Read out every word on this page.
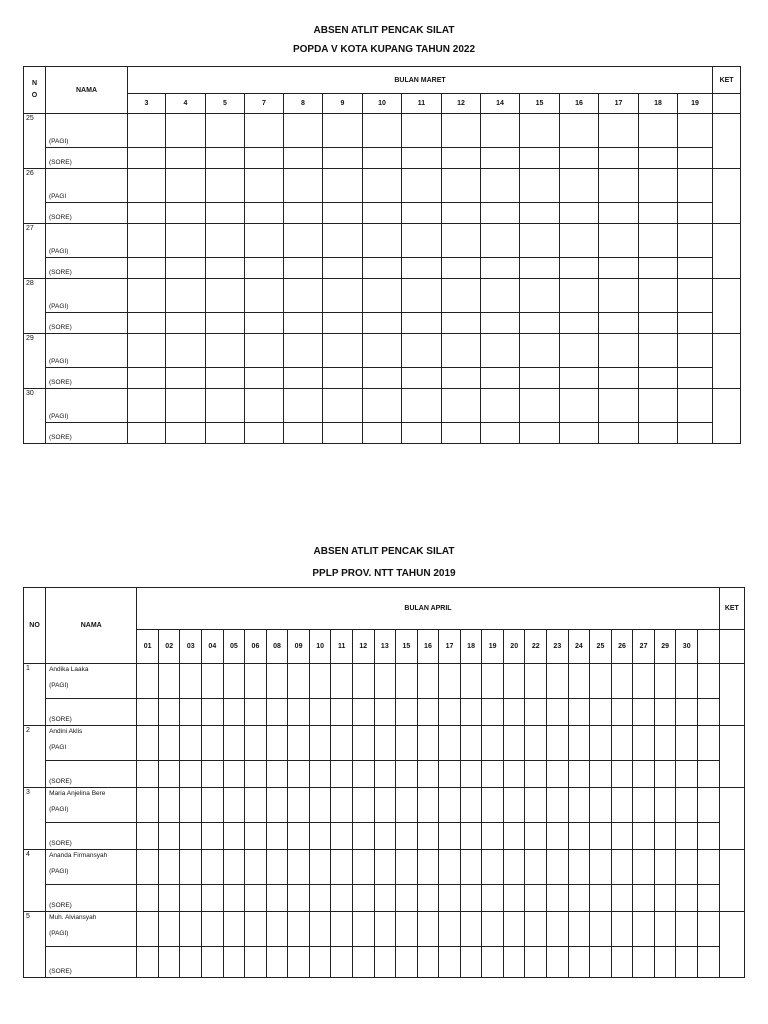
ABSEN ATLIT PENCAK SILAT
POPDA V KOTA KUPANG TAHUN 2022
N
O	NAMA	BULAN MARET															KET
		3	4	5	7	8	9	10	11	12	14	15	16	17	18	19	
25	(PAGI)																
	(SORE)																
26	(PAGI																
	(SORE)																
27	(PAGI)																
	(SORE)																
28	(PAGI)																
	(SORE)																
29	(PAGI)																
	(SORE)																
30	(PAGI)																
	(SORE)																
ABSEN ATLIT PENCAK SILAT
PPLP PROV. NTT TAHUN 2019
NO	NAMA	BULAN APRIL																											KET
		01	02	03	04	05	06	08	09	10	11	12	13	15	16	17	18	19	20	22	23	24	25	26	27	29	30		
1	Andika Laaka
(PAGI)																												

	(SORE)																												
2	Andini Aklis
(PAGI																												

	(SORE)																												
3	Maria Anjelina Bere
(PAGI)																												

	(SORE)																												
4	Ananda Firmansyah
(PAGI)																												

	(SORE)																												
5	Muh. Alviansyah
(PAGI)																												

	(SORE)																												
